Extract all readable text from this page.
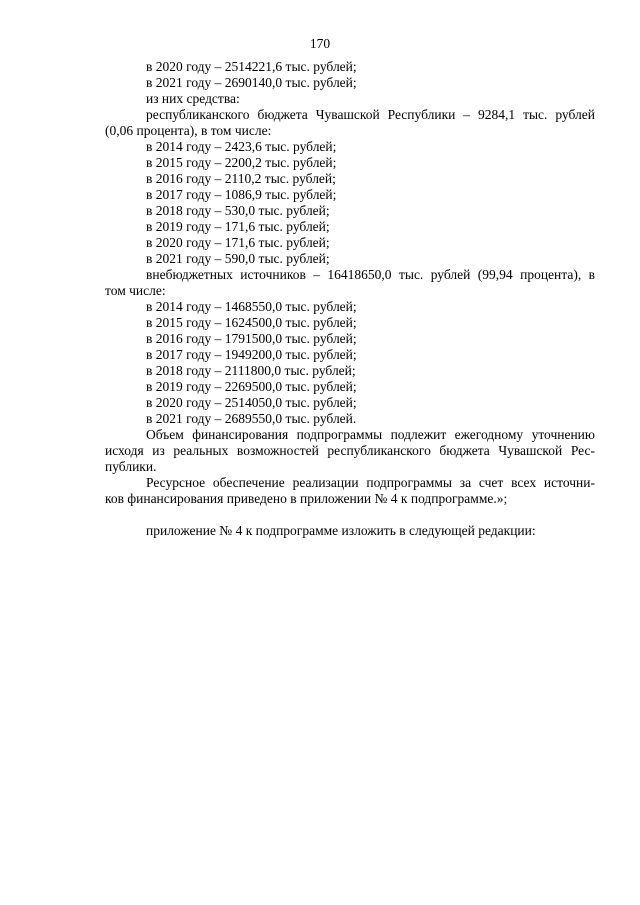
170
в 2020 году – 2514221,6 тыс. рублей;
в 2021 году – 2690140,0 тыс. рублей;
из них средства:
республиканского бюджета Чувашской Республики – 9284,1 тыс. рублей
(0,06 процента), в том числе:
в 2014 году – 2423,6 тыс. рублей;
в 2015 году – 2200,2 тыс. рублей;
в 2016 году – 2110,2 тыс. рублей;
в 2017 году – 1086,9 тыс. рублей;
в 2018 году – 530,0 тыс. рублей;
в 2019 году – 171,6 тыс. рублей;
в 2020 году – 171,6 тыс. рублей;
в 2021 году – 590,0 тыс. рублей;
внебюджетных источников – 16418650,0 тыс. рублей (99,94 процента), в
том числе:
в 2014 году – 1468550,0 тыс. рублей;
в 2015 году – 1624500,0 тыс. рублей;
в 2016 году – 1791500,0 тыс. рублей;
в 2017 году – 1949200,0 тыс. рублей;
в 2018 году – 2111800,0 тыс. рублей;
в 2019 году – 2269500,0 тыс. рублей;
в 2020 году – 2514050,0 тыс. рублей;
в 2021 году – 2689550,0 тыс. рублей.
Объем финансирования подпрограммы подлежит ежегодному уточнению
исходя из реальных возможностей республиканского бюджета Чувашской Рес-
публики.
Ресурсное обеспечение реализации подпрограммы за счет всех источни-
ков финансирования приведено в приложении № 4 к подпрограмме.»;
приложение № 4 к подпрограмме изложить в следующей редакции:
